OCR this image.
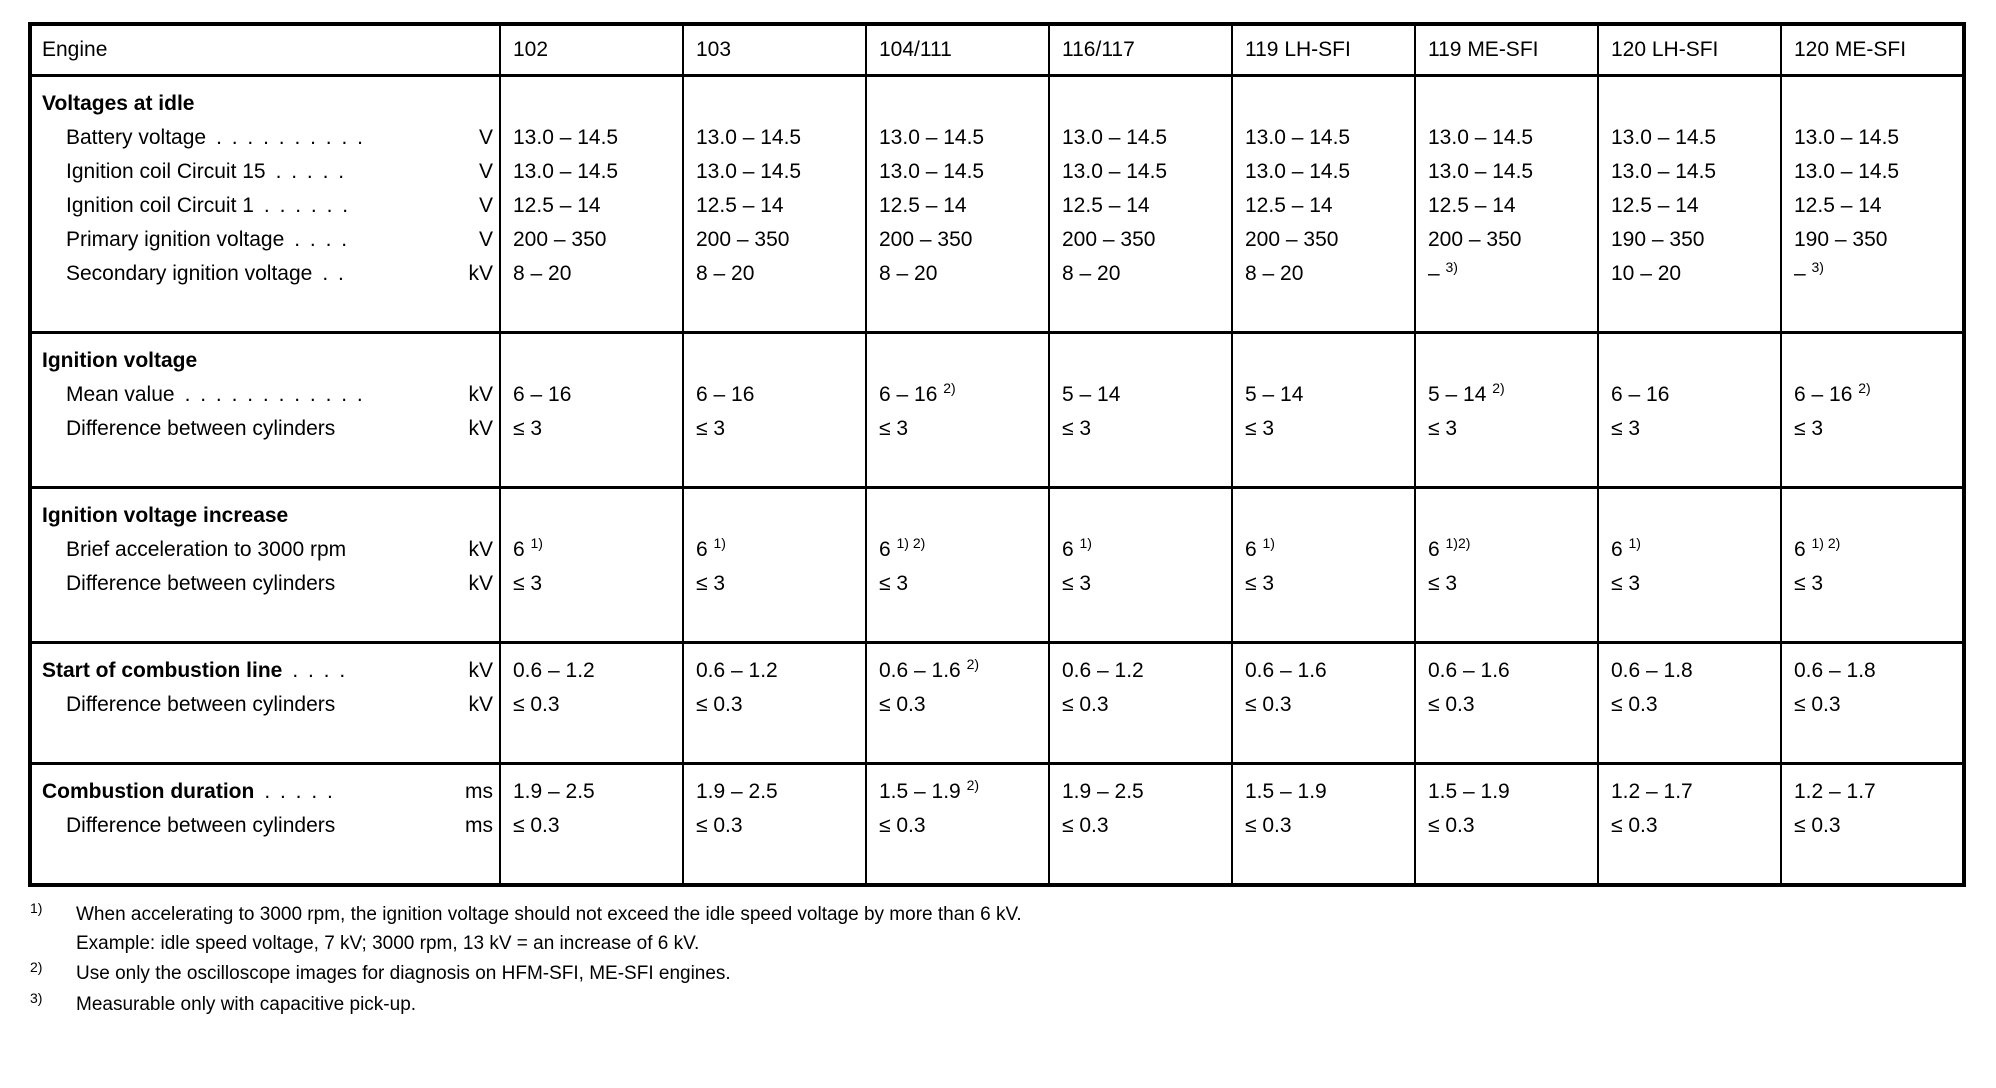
Engine	102	103	104/111	116/117	119 LH-SFI	119 ME-SFI	120 LH-SFI	120 ME-SFI

Voltages at idle								

Battery voltage . . . . . . . . . . V	13.0 – 14.5	13.0 – 14.5	13.0 – 14.5	13.0 – 14.5	13.0 – 14.5	13.0 – 14.5	13.0 – 14.5	13.0 – 14.5

Ignition coil Circuit 15 . . . . . V	13.0 – 14.5	13.0 – 14.5	13.0 – 14.5	13.0 – 14.5	13.0 – 14.5	13.0 – 14.5	13.0 – 14.5	13.0 – 14.5

Ignition coil Circuit 1 . . . . . . V	12.5 – 14	12.5 – 14	12.5 – 14	12.5 – 14	12.5 – 14	12.5 – 14	12.5 – 14	12.5 – 14

Primary ignition voltage . . . . V	200 – 350	200 – 350	200 – 350	200 – 350	200 – 350	200 – 350	190 – 350	190 – 350

Secondary ignition voltage . . kV	8 – 20	8 – 20	8 – 20	8 – 20	8 – 20	– $^{3)}$	10 – 20	– $^{3)}$

Ignition voltage								

Mean value . . . . . . . . . . . . kV	6 – 16	6 – 16	6 – 16 $^{2)}$	5 – 14	5 – 14	5 – 14 $^{2)}$	6 – 16	6 – 16 $^{2)}$

Difference between cylinders kV	≤ 3	≤ 3	≤ 3	≤ 3	≤ 3	≤ 3	≤ 3	≤ 3

Ignition voltage increase								

Brief acceleration to 3000 rpm kV	6 $^{1)}$	6 $^{1)}$	6 $^{1) 2)}$	6 $^{1)}$	6 $^{1)}$	6 $^{1)2)}$	6 $^{1)}$	6 $^{1) 2)}$

Difference between cylinders kV	≤ 3	≤ 3	≤ 3	≤ 3	≤ 3	≤ 3	≤ 3	≤ 3

Start of combustion line . . . . kV	0.6 – 1.2	0.6 – 1.2	0.6 – 1.6 $^{2)}$	0.6 – 1.2	0.6 – 1.6	0.6 – 1.6	0.6 – 1.8	0.6 – 1.8

Difference between cylinders kV	≤ 0.3	≤ 0.3	≤ 0.3	≤ 0.3	≤ 0.3	≤ 0.3	≤ 0.3	≤ 0.3

Combustion duration . . . . . ms	1.9 – 2.5	1.9 – 2.5	1.5 – 1.9 $^{2)}$	1.9 – 2.5	1.5 – 1.9	1.5 – 1.9	1.2 – 1.7	1.2 – 1.7

Difference between cylinders ms	≤ 0.3	≤ 0.3	≤ 0.3	≤ 0.3	≤ 0.3	≤ 0.3	≤ 0.3	≤ 0.3
1)	When accelerating to 3000 rpm, the ignition voltage should not exceed the idle speed voltage by more than 6 kV.
Example: idle speed voltage, 7 kV; 3000 rpm, 13 kV = an increase of 6 kV.
2)	Use only the oscilloscope images for diagnosis on HFM-SFI, ME-SFI engines.
3)	Measurable only with capacitive pick-up.
